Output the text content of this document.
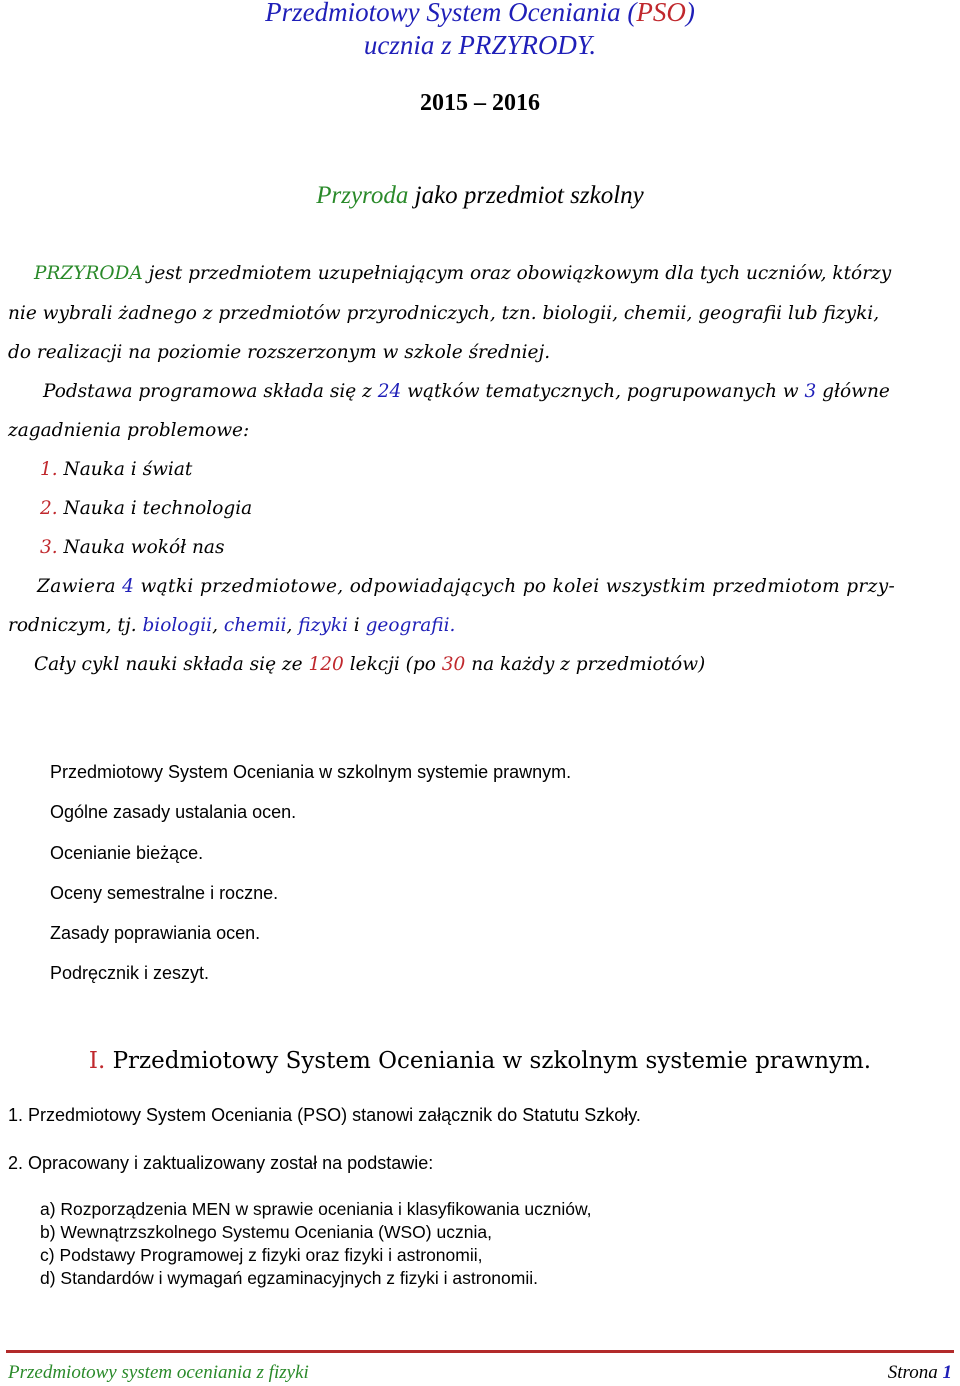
Przedmiotowy System Oceniania (PSO)
ucznia z PRZYRODY.
2015 – 2016
Przyroda jako przedmiot szkolny
PRZYRODA jest przedmiotem uzupełniającym oraz obowiązkowym dla tych uczniów, którzy
nie wybrali żadnego z przedmiotów przyrodniczych, tzn. biologii, chemii, geografii lub fizyki,
do realizacji na poziomie rozszerzonym w szkole średniej.
Podstawa programowa składa się z 24 wątków tematycznych, pogrupowanych w 3 główne
zagadnienia problemowe:
1. Nauka i świat
2. Nauka i technologia
3. Nauka wokół nas
Zawiera 4 wątki przedmiotowe, odpowiadających po kolei wszystkim przedmiotom przy-
rodniczym, tj. biologii, chemii, fizyki i geografii.
Cały cykl nauki składa się ze 120 lekcji (po 30 na każdy z przedmiotów)
Przedmiotowy System Oceniania w szkolnym systemie prawnym.
Ogólne zasady ustalania ocen.
Ocenianie bieżące.
Oceny semestralne i roczne.
Zasady poprawiania ocen.
Podręcznik i zeszyt.
I. Przedmiotowy System Oceniania w szkolnym systemie prawnym.
1. Przedmiotowy System Oceniania (PSO) stanowi załącznik do Statutu Szkoły.
2. Opracowany i zaktualizowany został na podstawie:
a) Rozporządzenia MEN w sprawie oceniania i klasyfikowania uczniów,
b) Wewnątrzszkolnego Systemu Oceniania (WSO) ucznia,
c) Podstawy Programowej z fizyki oraz fizyki i astronomii,
d) Standardów i wymagań egzaminacyjnych z fizyki i astronomii.
Przedmiotowy system oceniania z fizyki	Strona 1
